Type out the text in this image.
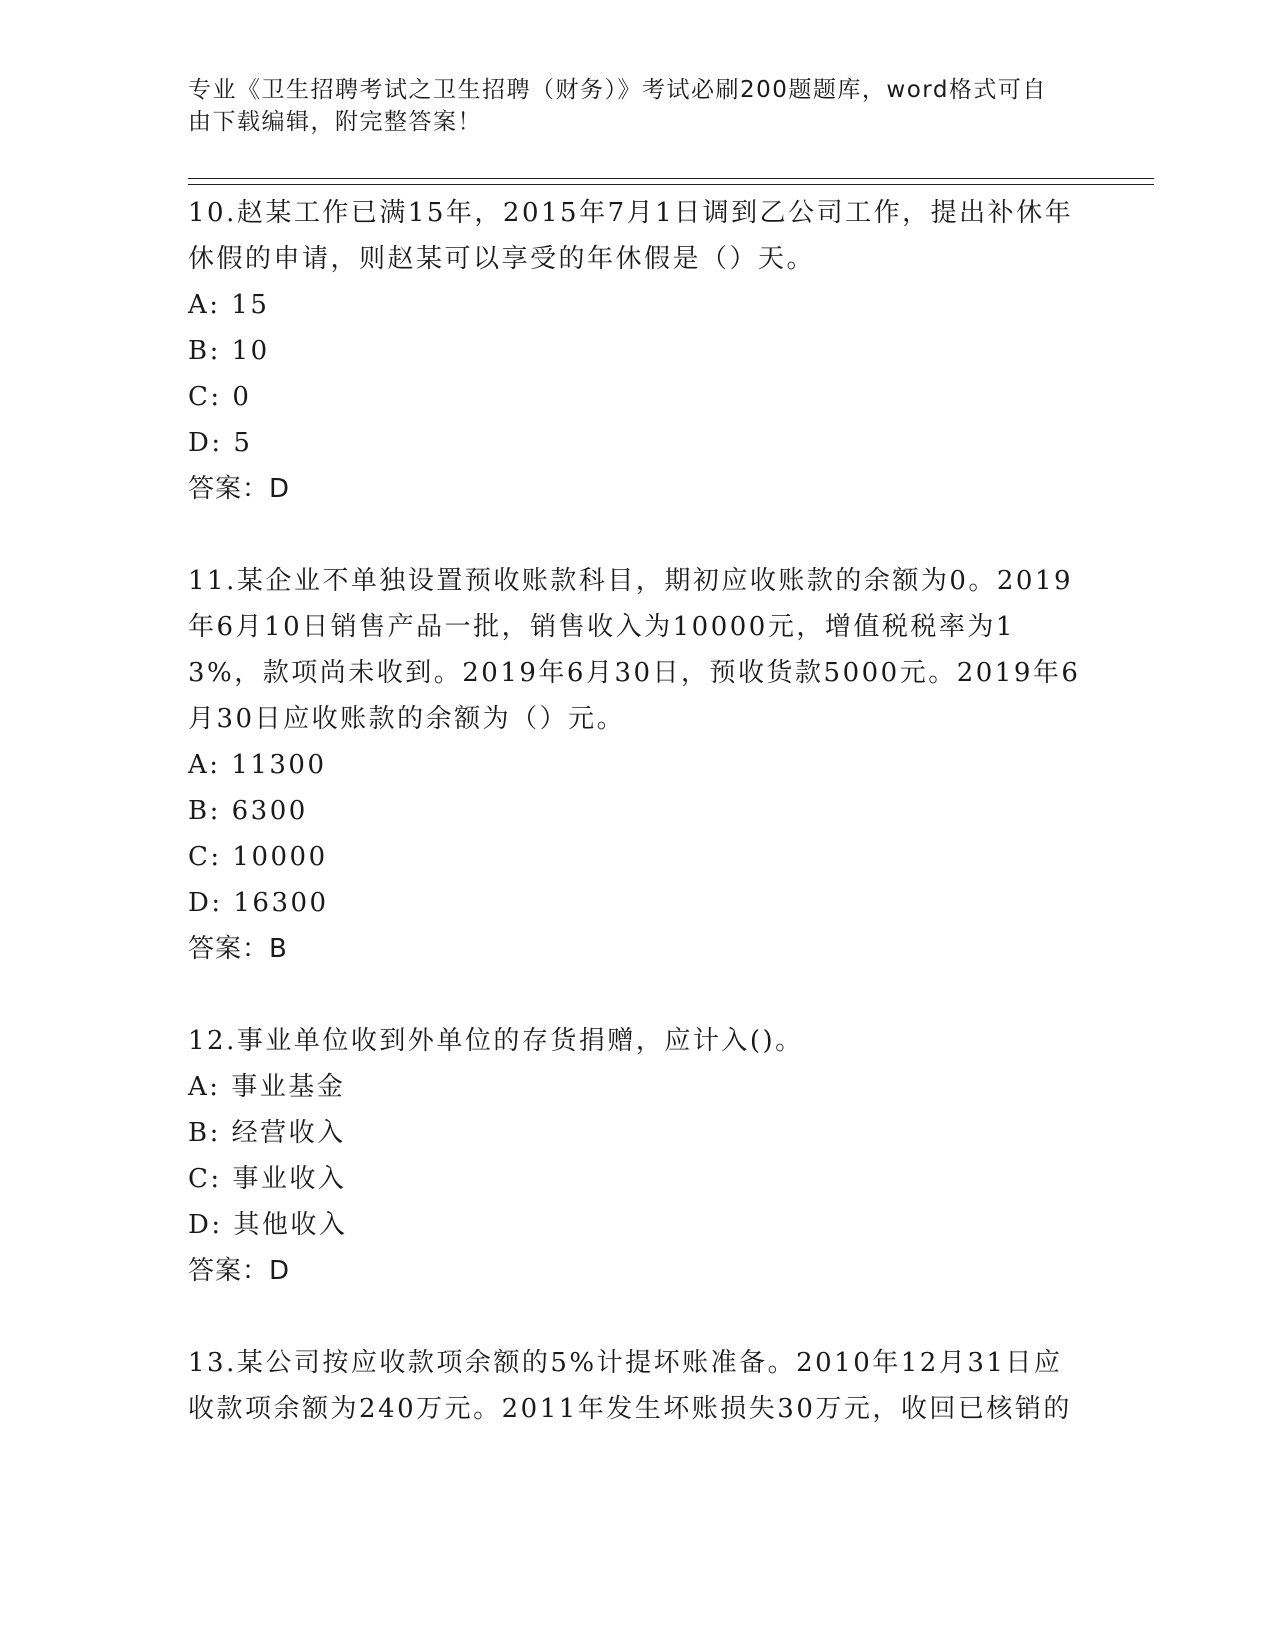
专业《卫生招聘考试之卫生招聘（财务）》考试必刷200题题库，word格式可自由下载编辑，附完整答案！

10.赵某工作已满15年，2015年7月1日调到乙公司工作，提出补休年休假的申请，则赵某可以享受的年休假是（）天。

A: 15

B: 10

C: 0

D: 5

答案：D

11.某企业不单独设置预收账款科目，期初应收账款的余额为0。2019年6月10日销售产品一批，销售收入为10000元，增值税税率为13%，款项尚未收到。2019年6月30日，预收货款5000元。2019年6月30日应收账款的余额为（）元。

A: 11300

B: 6300

C: 10000

D: 16300

答案：B

12.事业单位收到外单位的存货捐赠，应计入()。

A: 事业基金

B: 经营收入

C: 事业收入

D: 其他收入

答案：D

13.某公司按应收款项余额的5%计提坏账准备。2010年12月31日应收款项余额为240万元。2011年发生坏账损失30万元，收回已核销的
